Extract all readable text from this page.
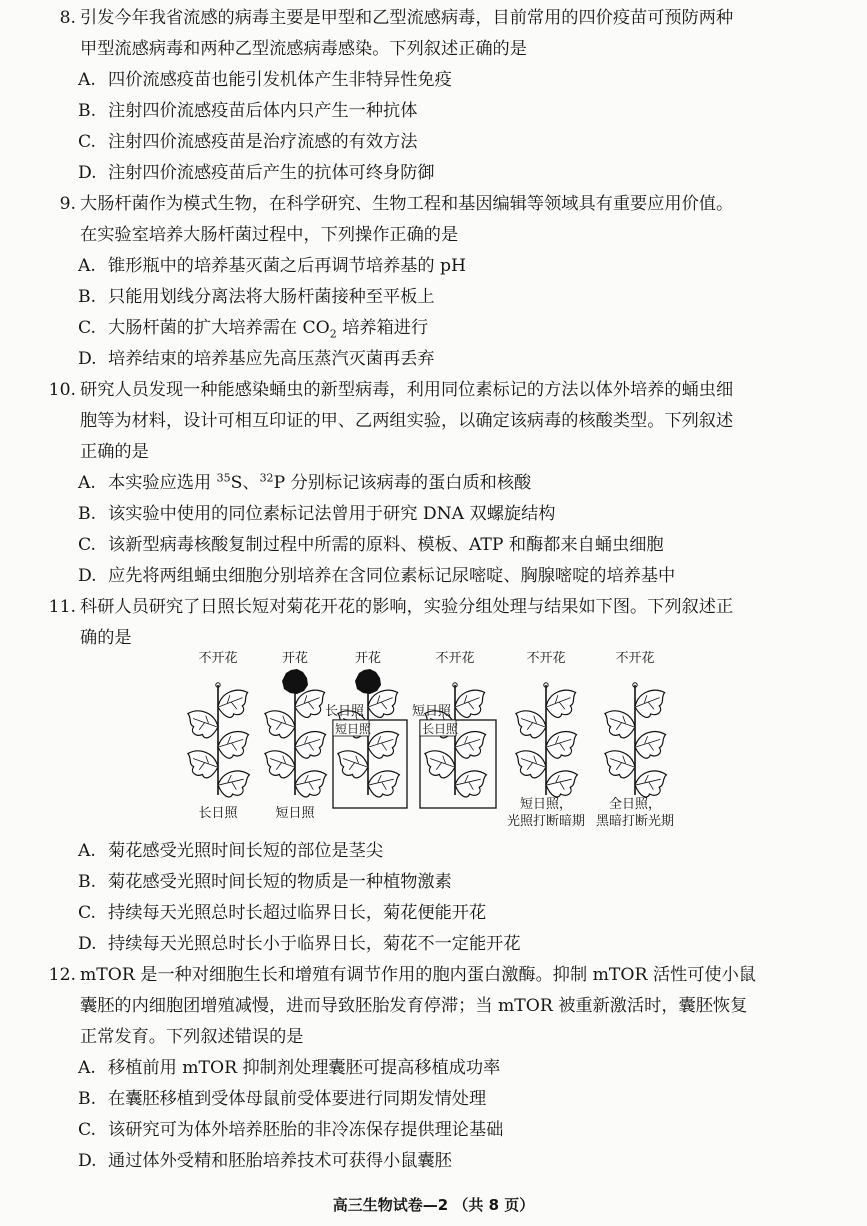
8. 引发今年我省流感的病毒主要是甲型和乙型流感病毒，目前常用的四价疫苗可预防两种
甲型流感病毒和两种乙型流感病毒感染。下列叙述正确的是
A. 四价流感疫苗也能引发机体产生非特异性免疫
B. 注射四价流感疫苗后体内只产生一种抗体
C. 注射四价流感疫苗是治疗流感的有效方法
D. 注射四价流感疫苗后产生的抗体可终身防御
9. 大肠杆菌作为模式生物，在科学研究、生物工程和基因编辑等领域具有重要应用价值。
在实验室培养大肠杆菌过程中，下列操作正确的是
A. 锥形瓶中的培养基灭菌之后再调节培养基的 pH
B. 只能用划线分离法将大肠杆菌接种至平板上
C. 大肠杆菌的扩大培养需在 $CO_2$ 培养箱进行
D. 培养结束的培养基应先高压蒸汽灭菌再丢弃
10. 研究人员发现一种能感染蛹虫的新型病毒，利用同位素标记的方法以体外培养的蛹虫细
胞等为材料，设计可相互印证的甲、乙两组实验，以确定该病毒的核酸类型。下列叙述
正确的是
A. 本实验应选用 $^{35}$S、$^{32}$P 分别标记该病毒的蛋白质和核酸
B. 该实验中使用的同位素标记法曾用于研究 DNA 双螺旋结构
C. 该新型病毒核酸复制过程中所需的原料、模板、ATP 和酶都来自蛹虫细胞
D. 应先将两组蛹虫细胞分别培养在含同位素标记尿嘧啶、胸腺嘧啶的培养基中
11. 科研人员研究了日照长短对菊花开花的影响，实验分组处理与结果如下图。下列叙述正
确的是
不开花	开花	开花	不开花	不开花	不开花
长日照
短日照
短日照
长日照
长日照	短日照
短日照，
光照打断暗期
全日照，
黑暗打断光期
A. 菊花感受光照时间长短的部位是茎尖
B. 菊花感受光照时间长短的物质是一种植物激素
C. 持续每天光照总时长超过临界日长，菊花便能开花
D. 持续每天光照总时长小于临界日长，菊花不一定能开花
12. mTOR 是一种对细胞生长和增殖有调节作用的胞内蛋白激酶。抑制 mTOR 活性可使小鼠
囊胚的内细胞团增殖减慢，进而导致胚胎发育停滞；当 mTOR 被重新激活时，囊胚恢复
正常发育。下列叙述错误的是
A. 移植前用 mTOR 抑制剂处理囊胚可提高移植成功率
B. 在囊胚移植到受体母鼠前受体要进行同期发情处理
C. 该研究可为体外培养胚胎的非冷冻保存提供理论基础
D. 通过体外受精和胚胎培养技术可获得小鼠囊胚
高三生物试卷—2 （共 8 页）
